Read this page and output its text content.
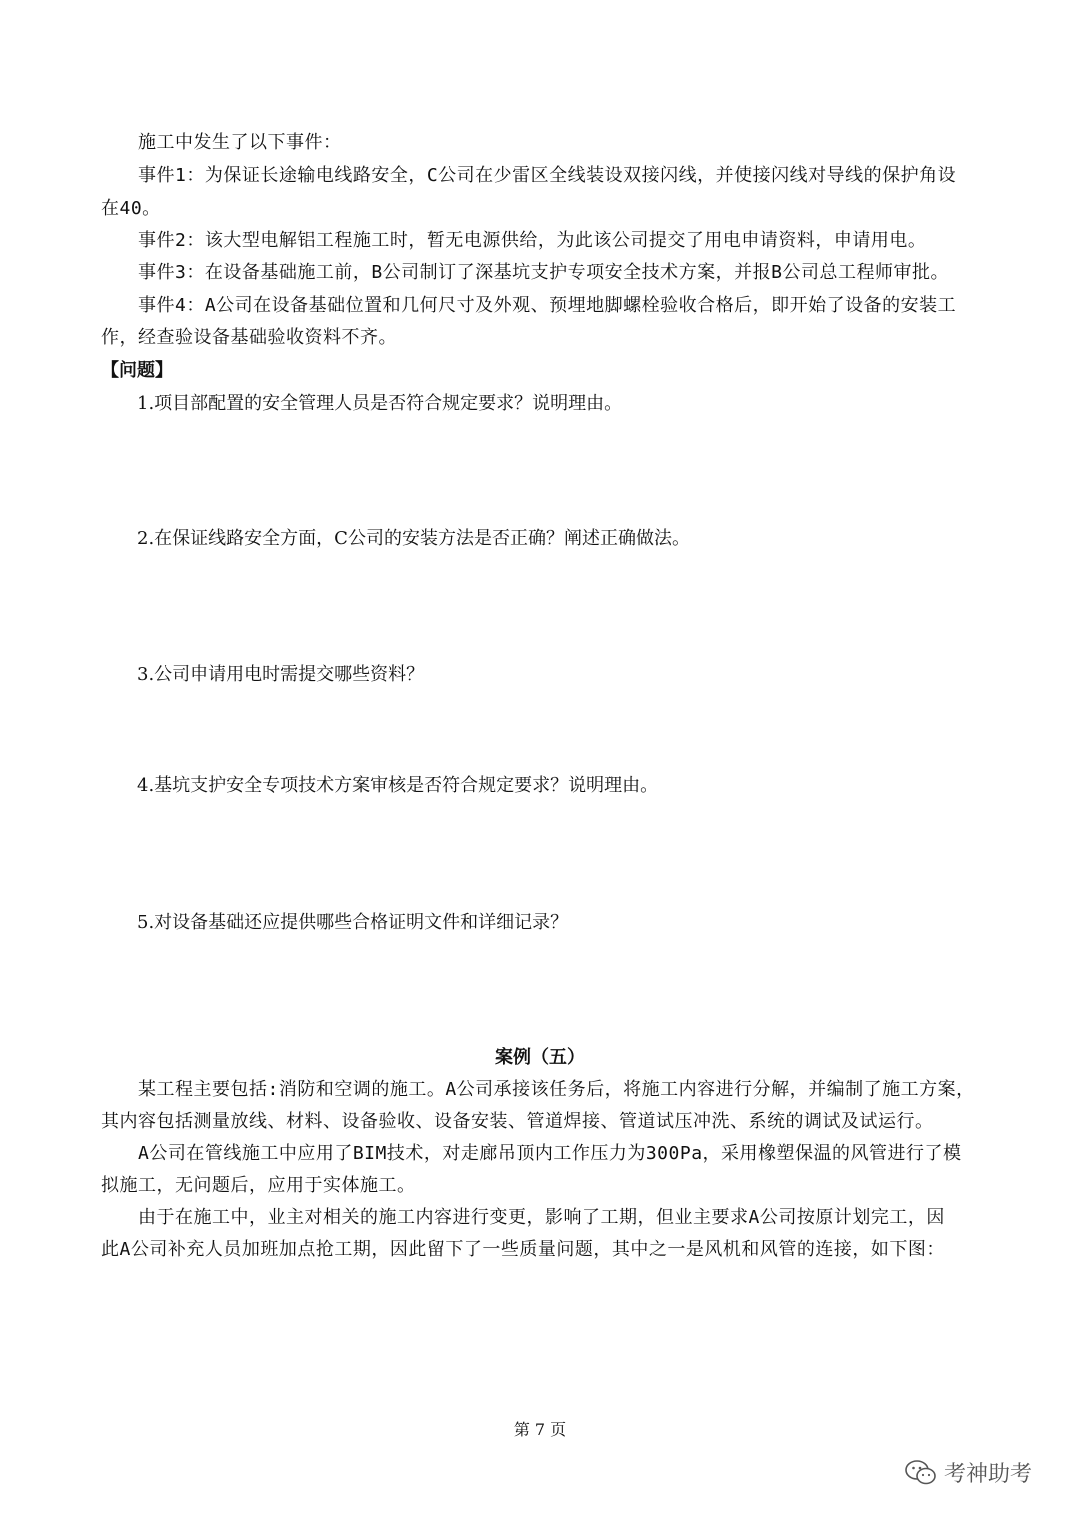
施工中发生了以下事件：
事件1：为保证长途输电线路安全，C公司在少雷区全线装设双接闪线，并使接闪线对导线的保护角设
在40。
事件2：该大型电解铝工程施工时，暂无电源供给，为此该公司提交了用电申请资料，申请用电。
事件3：在设备基础施工前，B公司制订了深基坑支护专项安全技术方案，并报B公司总工程师审批。
事件4：A公司在设备基础位置和几何尺寸及外观、预埋地脚螺栓验收合格后，即开始了设备的安装工
作，经查验设备基础验收资料不齐。
【问题】
1.项目部配置的安全管理人员是否符合规定要求？说明理由。
2.在保证线路安全方面，C公司的安装方法是否正确？阐述正确做法。
3.公司申请用电时需提交哪些资料？
4.基坑支护安全专项技术方案审核是否符合规定要求？说明理由。
5.对设备基础还应提供哪些合格证明文件和详细记录？
案例（五）
某工程主要包括:消防和空调的施工。A公司承接该任务后，将施工内容进行分解，并编制了施工方案，
其内容包括测量放线、材料、设备验收、设备安装、管道焊接、管道试压冲洗、系统的调试及试运行。
A公司在管线施工中应用了BIM技术，对走廊吊顶内工作压力为300Pa，采用橡塑保温的风管进行了模
拟施工，无问题后，应用于实体施工。
由于在施工中，业主对相关的施工内容进行变更，影响了工期，但业主要求A公司按原计划完工，因
此A公司补充人员加班加点抢工期，因此留下了一些质量问题，其中之一是风机和风管的连接，如下图：
第 7 页
考神助考
